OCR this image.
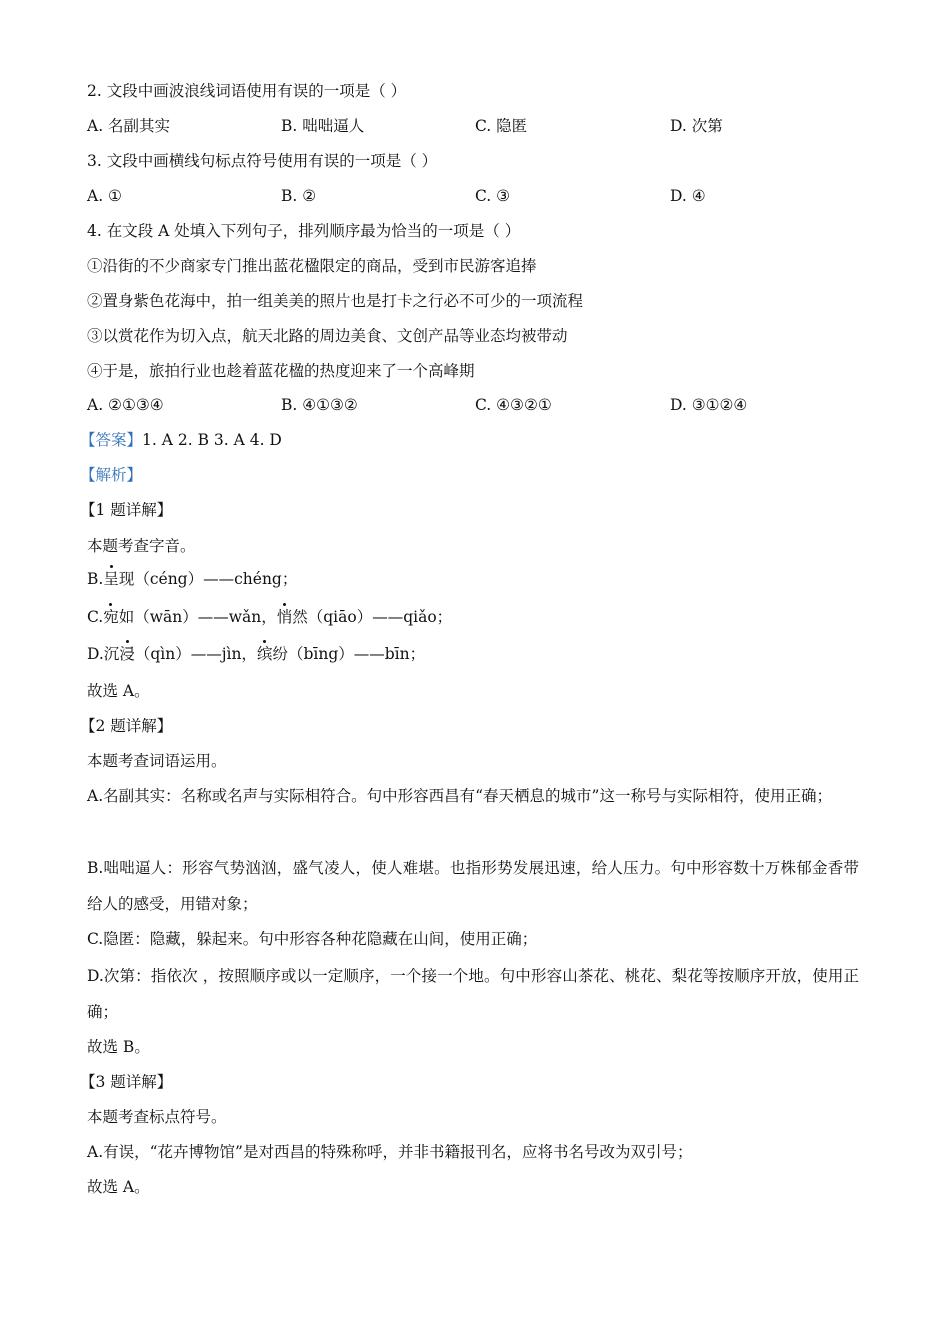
2. 文段中画波浪线词语使用有误的一项是（ ）
A. 名副其实	B. 咄咄逼人	C. 隐匿	D. 次第
3. 文段中画横线句标点符号使用有误的一项是（ ）
A. ①	B. ②	C. ③	D. ④
4. 在文段 A 处填入下列句子，排列顺序最为恰当的一项是（ ）
①沿街的不少商家专门推出蓝花楹限定的商品，受到市民游客追捧
②置身紫色花海中，拍一组美美的照片也是打卡之行必不可少的一项流程
③以赏花作为切入点，航天北路的周边美食、文创产品等业态均被带动
④于是，旅拍行业也趁着蓝花楹的热度迎来了一个高峰期
A. ②①③④	B. ④①③②	C. ④③②①	D. ③①②④
【答案】1. A 2. B 3. A 4. D
【解析】
【1 题详解】
本题考查字音。
B.呈现（céng）——chéng；
C.宛如（wān）——wǎn，悄然（qiāo）——qiǎo；
D.沉浸（qìn）——jìn，缤纷（bīng）——bīn；
故选 A。
【2 题详解】
本题考查词语运用。
A.名副其实：名称或名声与实际相符合。句中形容西昌有“春天栖息的城市”这一称号与实际相符，使用正确；
B.咄咄逼人：形容气势汹汹，盛气凌人，使人难堪。也指形势发展迅速，给人压力。句中形容数十万株郁金香带给人的感受，用错对象；
C.隐匿：隐藏，躲起来。句中形容各种花隐藏在山间，使用正确；
D.次第：指依次 ，按照顺序或以一定顺序，一个接一个地。句中形容山茶花、桃花、梨花等按顺序开放，使用正确；
故选 B。
【3 题详解】
本题考查标点符号。
A.有误，“花卉博物馆”是对西昌的特殊称呼，并非书籍报刊名，应将书名号改为双引号；
故选 A。
